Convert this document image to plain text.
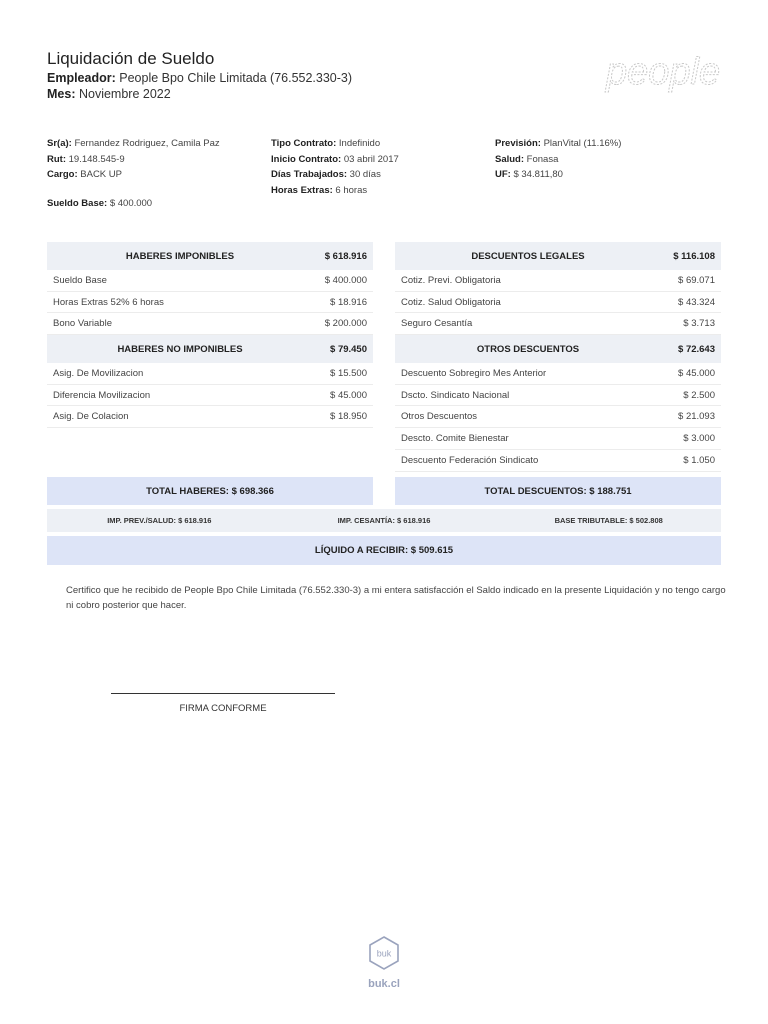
Liquidación de Sueldo
Empleador: People Bpo Chile Limitada (76.552.330-3)
Mes: Noviembre 2022
people
Sr(a): Fernandez Rodriguez, Camila Paz
Rut: 19.148.545-9
Cargo: BACK UP
Tipo Contrato: Indefinido
Inicio Contrato: 03 abril 2017
Días Trabajados: 30 días
Horas Extras: 6 horas
Previsión: PlanVital (11.16%)
Salud: Fonasa
UF: $ 34.811,80
Sueldo Base: $ 400.000
HABERES IMPONIBLES	$ 618.916
Sueldo Base	$ 400.000
Horas Extras 52% 6 horas	$ 18.916
Bono Variable	$ 200.000
HABERES NO IMPONIBLES	$ 79.450
Asig. De Movilizacion	$ 15.500
Diferencia Movilizacion	$ 45.000
Asig. De Colacion	$ 18.950
DESCUENTOS LEGALES	$ 116.108
Cotiz. Previ. Obligatoria	$ 69.071
Cotiz. Salud Obligatoria	$ 43.324
Seguro Cesantía	$ 3.713
OTROS DESCUENTOS	$ 72.643
Descuento Sobregiro Mes Anterior	$ 45.000
Dscto. Sindicato Nacional	$ 2.500
Otros Descuentos	$ 21.093
Descto. Comite Bienestar	$ 3.000
Descuento Federación Sindicato	$ 1.050
TOTAL HABERES: $ 698.366	TOTAL DESCUENTOS: $ 188.751
IMP. PREV./SALUD: $ 618.916	IMP. CESANTÍA: $ 618.916	BASE TRIBUTABLE: $ 502.808
LÍQUIDO A RECIBIR: $ 509.615
Certifico que he recibido de People Bpo Chile Limitada (76.552.330-3) a mi entera satisfacción el Saldo indicado en la presente Liquidación y no tengo cargo ni cobro posterior que hacer.
FIRMA CONFORME
buk
buk.cl
